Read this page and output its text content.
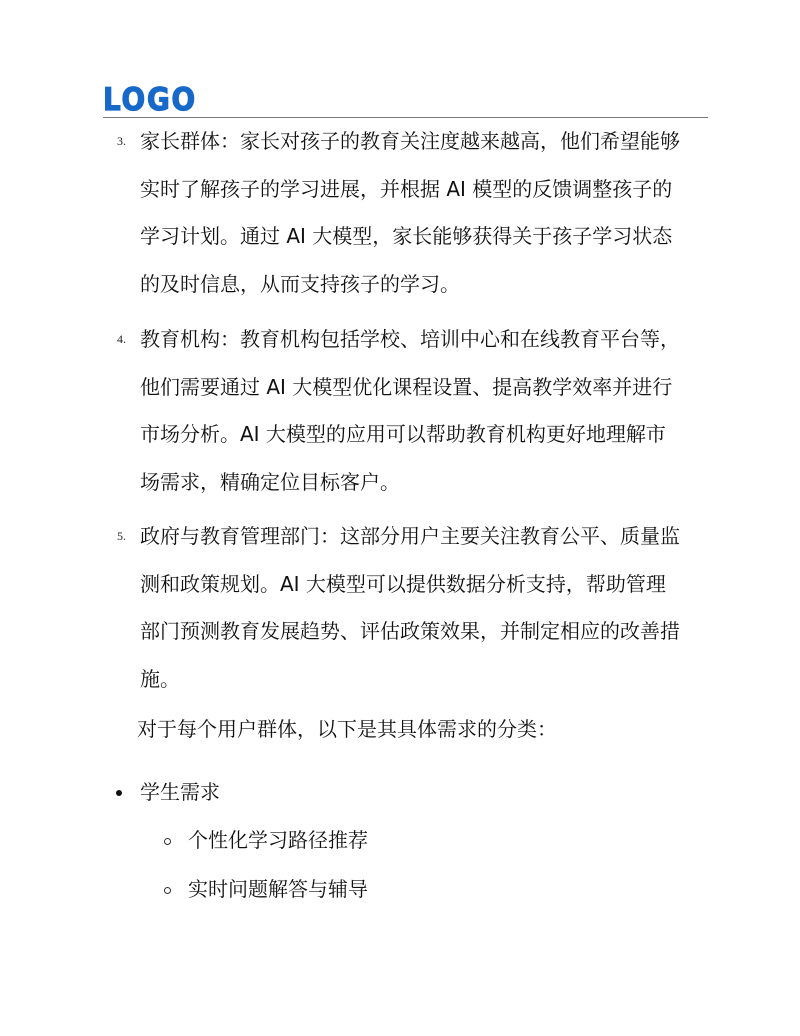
LOGO
3. 家长群体：家长对孩子的教育关注度越来越高，他们希望能够
实时了解孩子的学习进展，并根据 AI 模型的反馈调整孩子的
学习计划。通过 AI 大模型，家长能够获得关于孩子学习状态
的及时信息，从而支持孩子的学习。
4. 教育机构：教育机构包括学校、培训中心和在线教育平台等，
他们需要通过 AI 大模型优化课程设置、提高教学效率并进行
市场分析。AI 大模型的应用可以帮助教育机构更好地理解市
场需求，精确定位目标客户。
5. 政府与教育管理部门：这部分用户主要关注教育公平、质量监
测和政策规划。AI 大模型可以提供数据分析支持，帮助管理
部门预测教育发展趋势、评估政策效果，并制定相应的改善措
施。

对于每个用户群体，以下是其具体需求的分类：

学生需求
个性化学习路径推荐
实时问题解答与辅导
